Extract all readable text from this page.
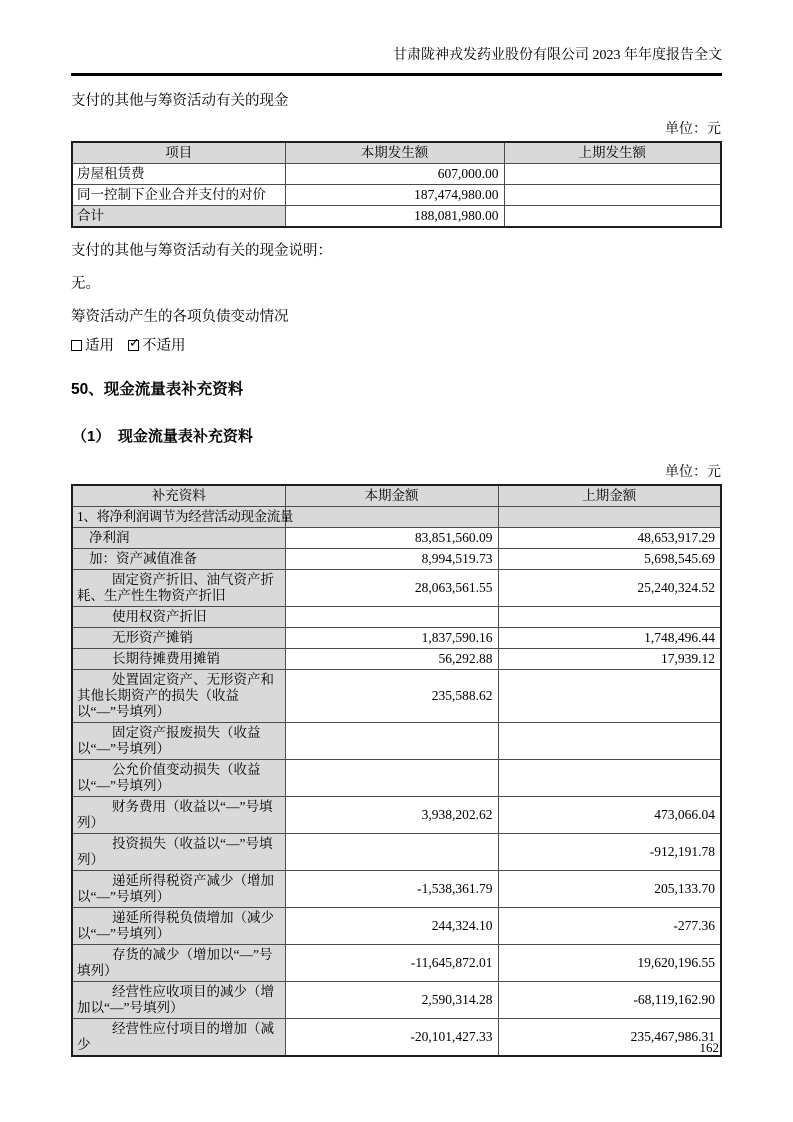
甘肃陇神戎发药业股份有限公司 2023 年年度报告全文

支付的其他与筹资活动有关的现金

单位：元
项目	本期发生额	上期发生额
房屋租赁费	607,000.00	
同一控制下企业合并支付的对价	187,474,980.00	
合计	188,081,980.00	

支付的其他与筹资活动有关的现金说明：

无。

筹资活动产生的各项负债变动情况

适用 ✓ 不适用
50、现金流量表补充资料
（1）　现金流量表补充资料
单位：元
补充资料	本期金额	上期金额
1、将净利润调节为经营活动现金流量		
净利润	83,851,560.09	48,653,917.29
加：资产减值准备	8,994,519.73	5,698,545.69
固定资产折旧、油气资产折耗、生产性生物资产折旧	28,063,561.55	25,240,324.52
使用权资产折旧		
无形资产摊销	1,837,590.16	1,748,496.44
长期待摊费用摊销	56,292.88	17,939.12
处置固定资产、无形资产和其他长期资产的损失（收益以“—”号填列）	235,588.62	
固定资产报废损失（收益以“—”号填列）		
公允价值变动损失（收益以“—”号填列）		
财务费用（收益以“—”号填列）	3,938,202.62	473,066.04
投资损失（收益以“—”号填列）		-912,191.78
递延所得税资产减少（增加以“—”号填列）	-1,538,361.79	205,133.70
递延所得税负债增加（减少以“—”号填列）	244,324.10	-277.36
存货的减少（增加以“—”号填列）	-11,645,872.01	19,620,196.55
经营性应收项目的减少（增加以“—”号填列）	2,590,314.28	-68,119,162.90
经营性应付项目的增加（减少	-20,101,427.33	235,467,986.31
162
